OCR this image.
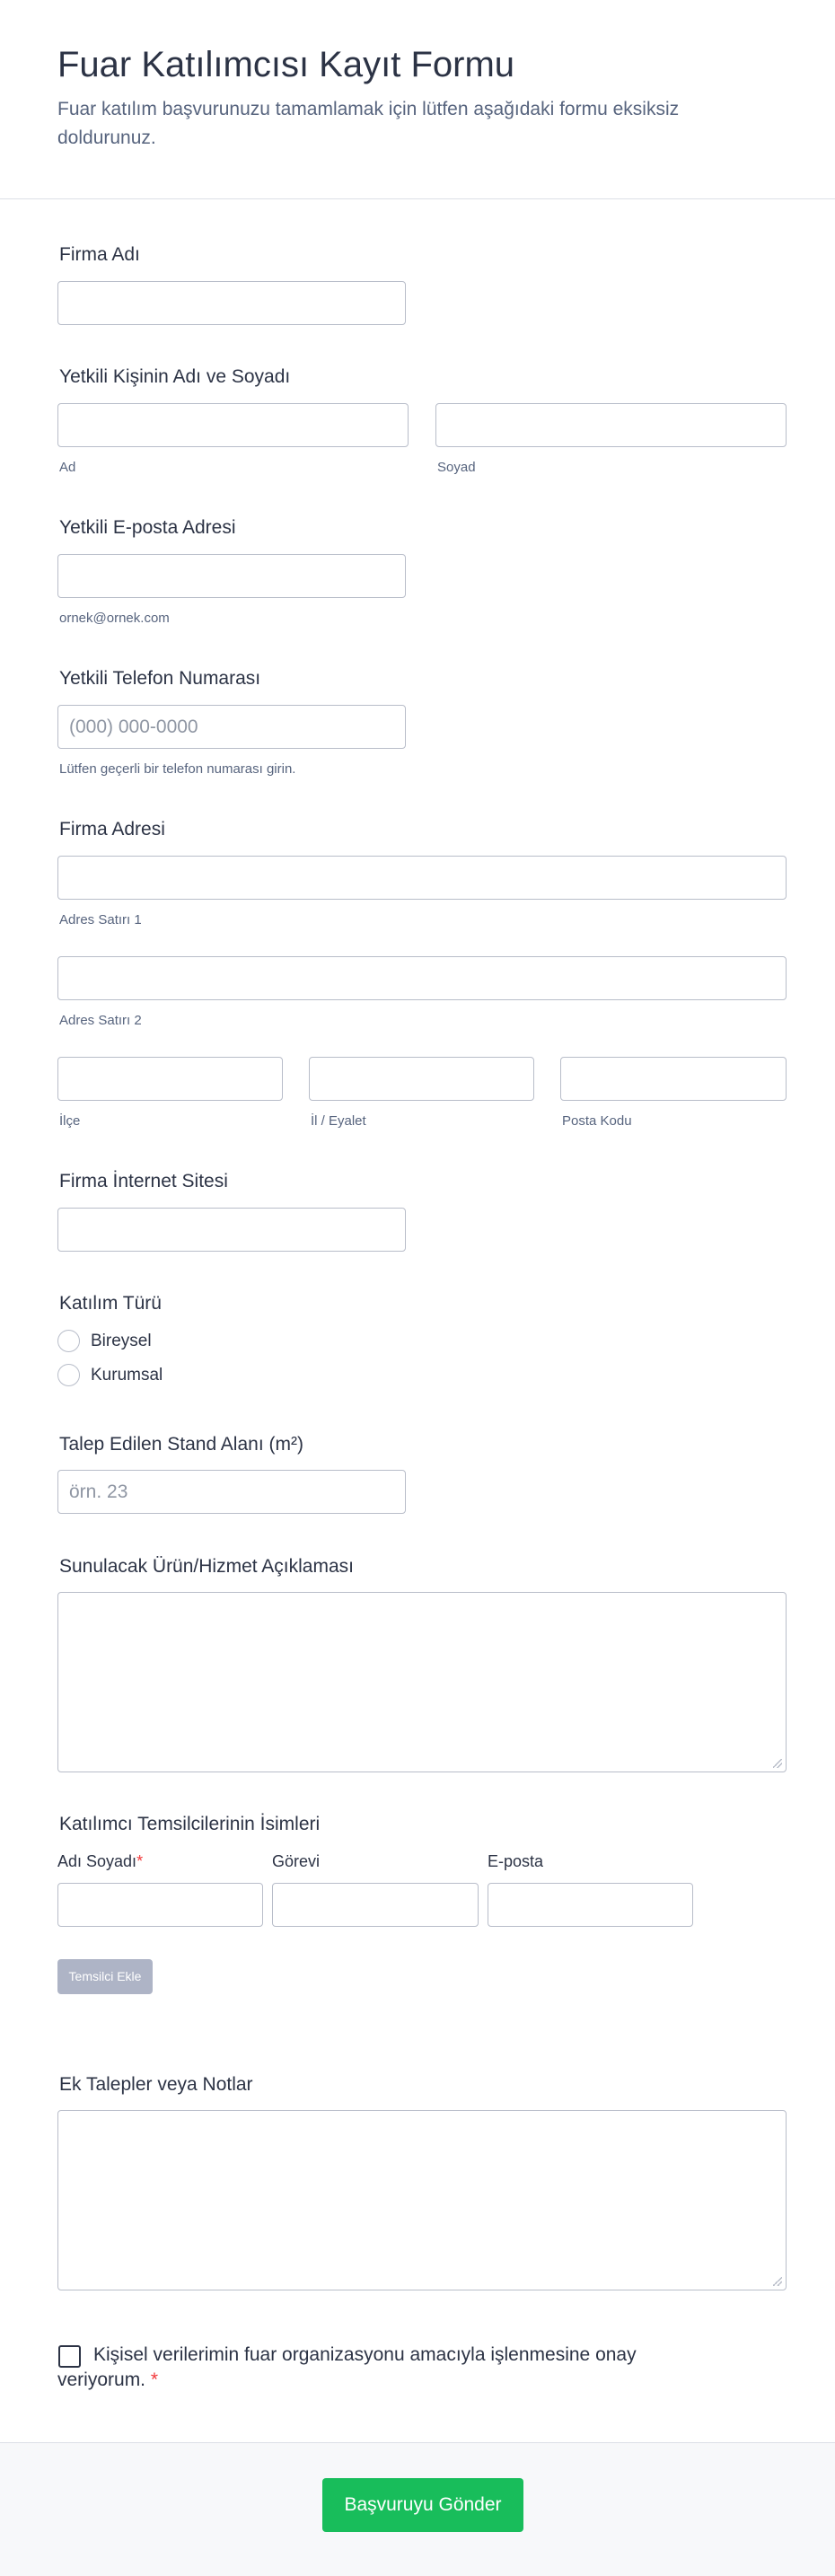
Fuar Katılımcısı Kayıt Formu
Fuar katılım başvurunuzu tamamlamak için lütfen aşağıdaki formu eksiksiz doldurunuz.
Firma Adı
Yetkili Kişinin Adı ve Soyadı
Ad	Soyad
Yetkili E-posta Adresi
ornek@ornek.com
Yetkili Telefon Numarası
(000) 000-0000
Lütfen geçerli bir telefon numarası girin.
Firma Adresi
Adres Satırı 1
Adres Satırı 2
İlçe	İl / Eyalet	Posta Kodu
Firma İnternet Sitesi
Katılım Türü
Bireysel
Kurumsal
Talep Edilen Stand Alanı (m²)
örn. 23
Sunulacak Ürün/Hizmet Açıklaması
Katılımcı Temsilcilerinin İsimleri
Adı Soyadı*	Görevi	E-posta
Temsilci Ekle
Ek Talepler veya Notlar
Kişisel verilerimin fuar organizasyonu amacıyla işlenmesine onay veriyorum. *
Başvuruyu Gönder
